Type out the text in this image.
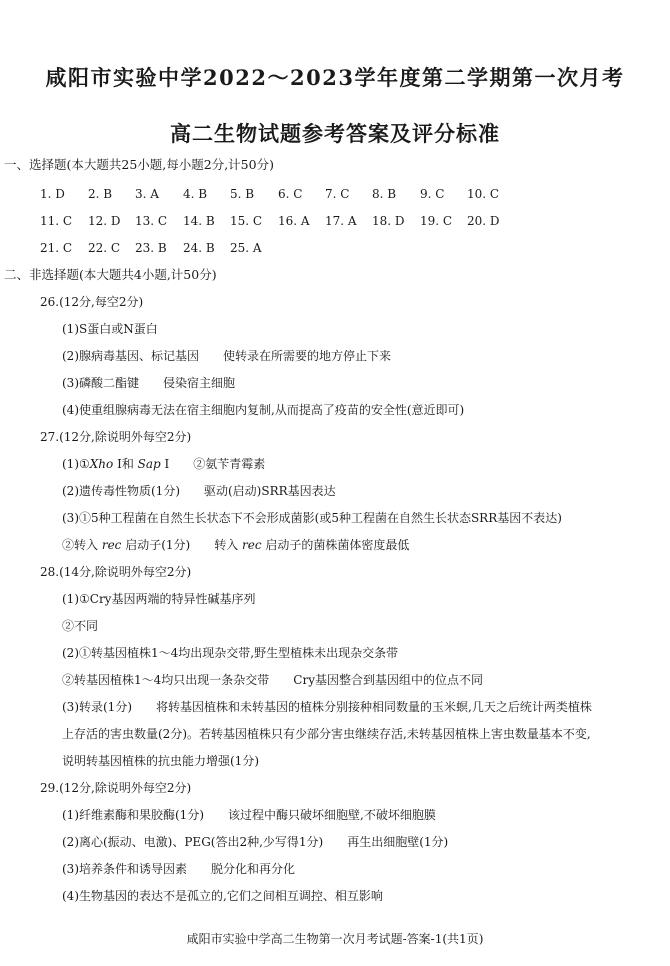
咸阳市实验中学2022～2023学年度第二学期第一次月考
高二生物试题参考答案及评分标准
一、选择题(本大题共25小题,每小题2分,计50分)
1. D 2. B 3. A 4. B 5. B 6. C 7. C 8. B 9. C 10. C
11. C 12. D 13. C 14. B 15. C 16. A 17. A 18. D 19. C 20. D
21. C 22. C 23. B 24. B 25. A
二、非选择题(本大题共4小题,计50分)
26.(12分,每空2分)
(1)S蛋白或N蛋白
(2)腺病毒基因、标记基因　　使转录在所需要的地方停止下来
(3)磷酸二酯键　　侵染宿主细胞
(4)使重组腺病毒无法在宿主细胞内复制,从而提高了疫苗的安全性(意近即可)
27.(12分,除说明外每空2分)
(1)①Xho Ⅰ和 Sap Ⅰ　　②氨苄青霉素
(2)遗传毒性物质(1分)　　驱动(启动)SRR基因表达
(3)①5种工程菌在自然生长状态下不会形成菌影(或5种工程菌在自然生长状态SRR基因不表达)
②转入 rec 启动子(1分)　　转入 rec 启动子的菌株菌体密度最低
28.(14分,除说明外每空2分)
(1)①Cry基因两端的特异性碱基序列
②不同
(2)①转基因植株1～4均出现杂交带,野生型植株未出现杂交条带
②转基因植株1～4均只出现一条杂交带　　Cry基因整合到基因组中的位点不同
(3)转录(1分)　　将转基因植株和未转基因的植株分别接种相同数量的玉米螟,几天之后统计两类植株
上存活的害虫数量(2分)。若转基因植株只有少部分害虫继续存活,未转基因植株上害虫数量基本不变,
说明转基因植株的抗虫能力增强(1分)
29.(12分,除说明外每空2分)
(1)纤维素酶和果胶酶(1分)　　该过程中酶只破坏细胞壁,不破坏细胞膜
(2)离心(振动、电激)、PEG(答出2种,少写得1分)　　再生出细胞壁(1分)
(3)培养条件和诱导因素　　脱分化和再分化
(4)生物基因的表达不是孤立的,它们之间相互调控、相互影响
咸阳市实验中学高二生物第一次月考试题-答案-1(共1页)
